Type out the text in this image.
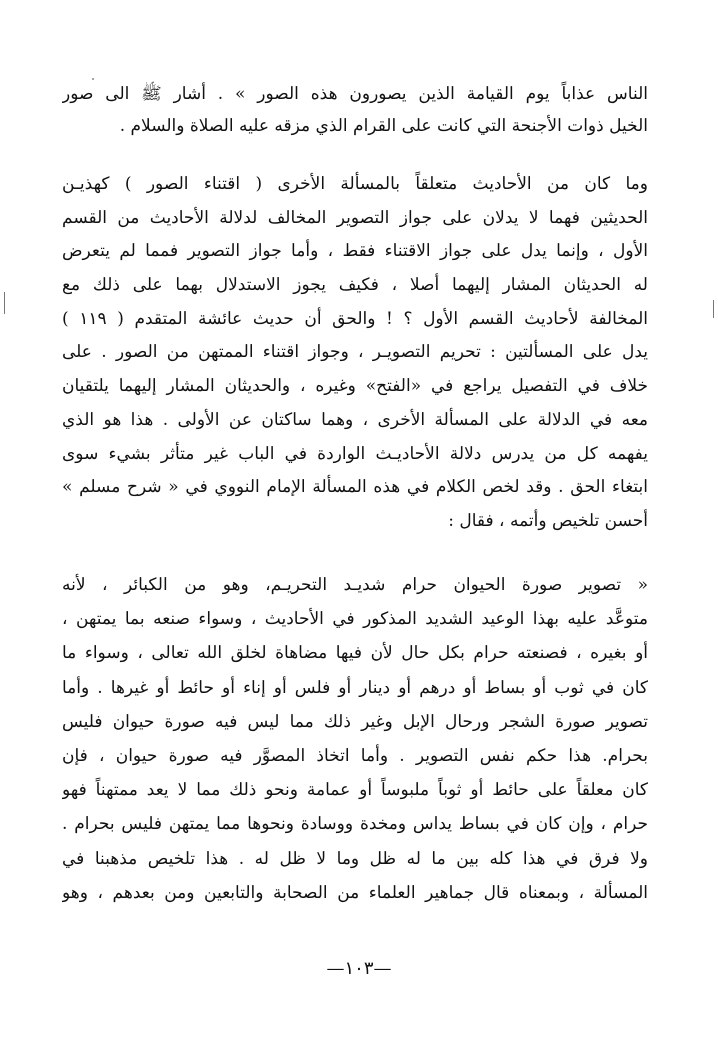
الناس عذاباً يوم القيامة الذين يصورون هذه الصور » . أشار ﷺ الى صور
الخيل ذوات الأجنحة التي كانت على القرام الذي مزقه عليه الصلاة والسلام .
وما كان من الأحاديث متعلقاً بالمسألة الأخرى ( اقتناء الصور ) كهذيـن
الحديثين فهما لا يدلان على جواز التصوير المخالف لدلالة الأحاديث من القسم
الأول ، وإنما يدل على جواز الاقتناء فقط ، وأما جواز التصوير فمما لم يتعرض
له الحديثان المشار إليهما أصلا ، فكيف يجوز الاستدلال بهما على ذلك مع
المخالفة لأحاديث القسم الأول ؟ ! والحق أن حديث عائشة المتقدم ( ١١٩ )
يدل على المسألتين : تحريم التصويـر ، وجواز اقتناء الممتهن من الصور . على
خلاف في التفصيل يراجع في «الفتح» وغيره ، والحديثان المشار إليهما يلتقيان
معه في الدلالة على المسألة الأخرى ، وهما ساكتان عن الأولى . هذا هو الذي
يفهمه كل من يدرس دلالة الأحاديـث الواردة في الباب غير متأثر بشيء سوى
ابتغاء الحق . وقد لخص الكلام في هذه المسألة الإمام النووي في « شرح مسلم »
أحسن تلخيص وأتمه ، فقال :
« تصوير صورة الحيوان حرام شديـد التحريـم، وهو من الكبائر ، لأنه
متوعَّد عليه بهذا الوعيد الشديد المذكور في الأحاديث ، وسواء صنعه بما يمتهن ،
أو بغيره ، فصنعته حرام بكل حال لأن فيها مضاهاة لخلق الله تعالى ، وسواء ما
كان في ثوب أو بساط أو درهم أو دينار أو فلس أو إناء أو حائط أو غيرها . وأما
تصوير صورة الشجر ورحال الإبل وغير ذلك مما ليس فيه صورة حيوان فليس
بحرام. هذا حكم نفس التصوير . وأما اتخاذ المصوَّر فيه صورة حيوان ، فإن
كان معلقاً على حائط أو ثوباً ملبوساً أو عمامة ونحو ذلك مما لا يعد ممتهناً فهو
حرام ، وإن كان في بساط يداس ومخدة ووسادة ونحوها مما يمتهن فليس بحرام .
ولا فرق في هذا كله بين ما له ظل وما لا ظل له . هذا تلخيص مذهبنا في
المسألة ، وبمعناه قال جماهير العلماء من الصحابة والتابعين ومن بعدهم ، وهو
—١٠٣—
